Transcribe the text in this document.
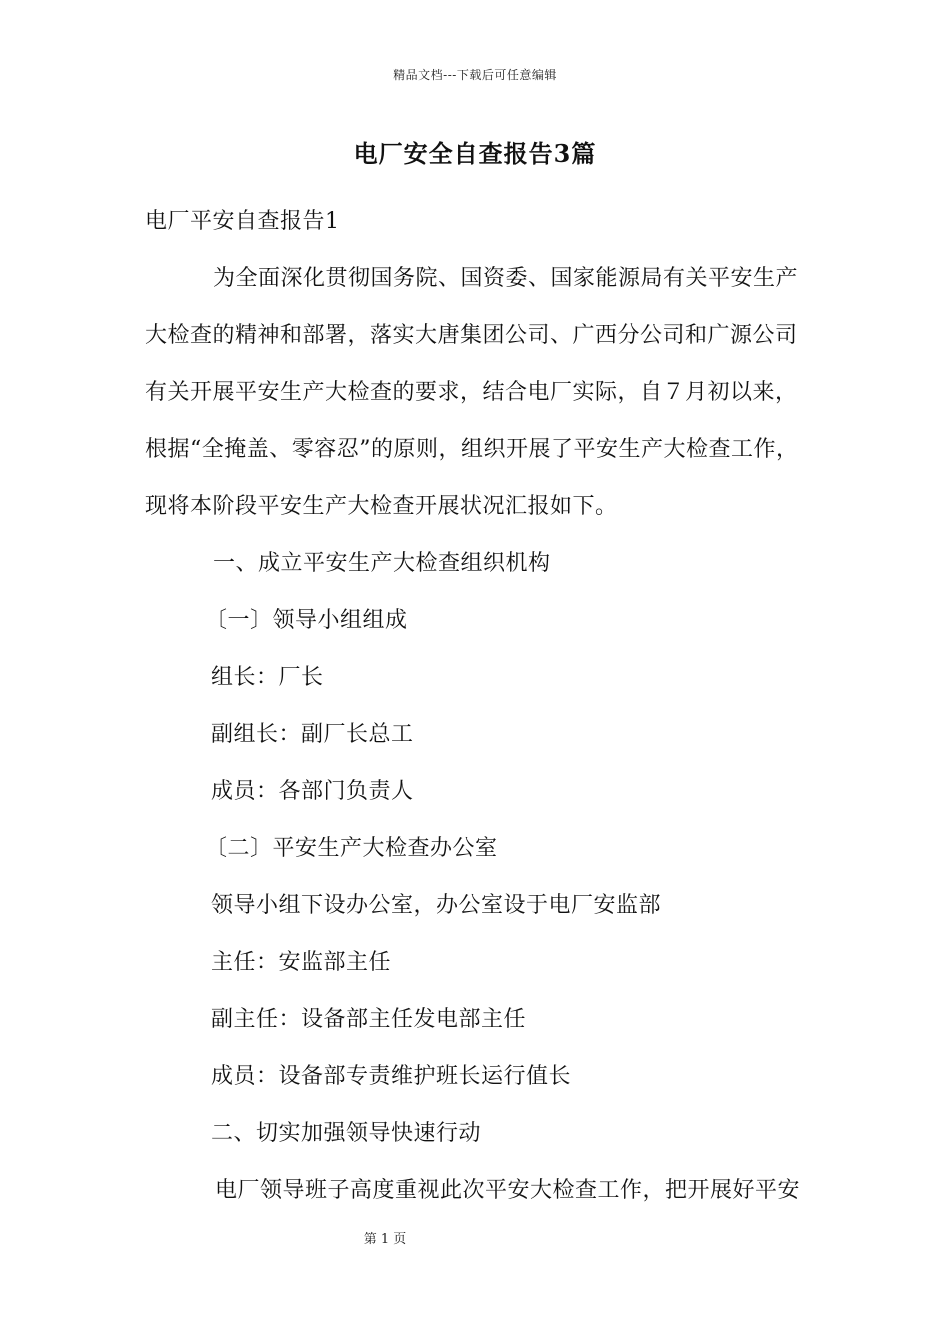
精品文档---下载后可任意编辑
电厂安全自查报告3篇
电厂平安自查报告1
为全面深化贯彻国务院、国资委、国家能源局有关平安生产
大检查的精神和部署，落实大唐集团公司、广西分公司和广源公司
有关开展平安生产大检查的要求，结合电厂实际，自７月初以来，
根据“全掩盖、零容忍”的原则，组织开展了平安生产大检查工作，
现将本阶段平安生产大检查开展状况汇报如下。
一、成立平安生产大检查组织机构
〔一〕领导小组组成
组长：厂长
副组长：副厂长总工
成员：各部门负责人
〔二〕平安生产大检查办公室
领导小组下设办公室，办公室设于电厂安监部
主任：安监部主任
副主任：设备部主任发电部主任
成员：设备部专责维护班长运行值长
二、切实加强领导快速行动
电厂领导班子高度重视此次平安大检查工作，把开展好平安
第 1 页
